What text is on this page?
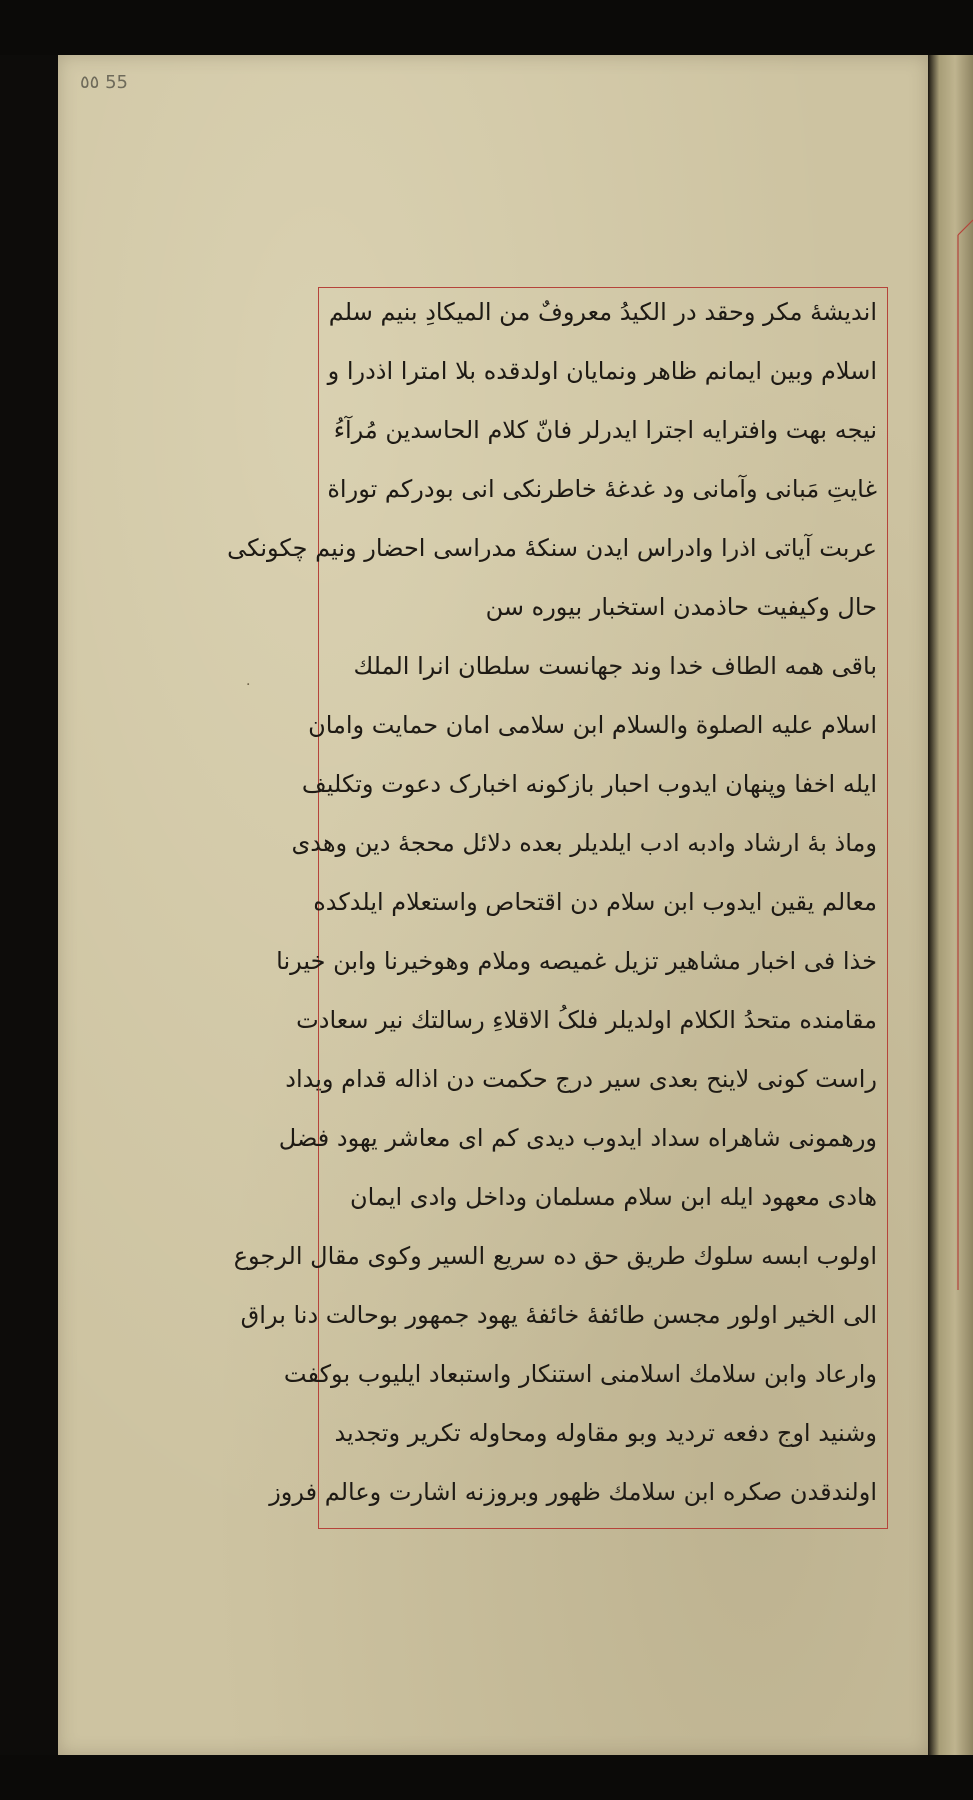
٥٥ 55
·
اندیشهٔ مکر وحقد در الکیدُ معروفٌ من المیکادِ بنیم سلم
اسلام وبین ایمانم ظاهر ونمایان اولدقده بلا امترا اذدرا و
نیجه بهت وافترایه اجترا ایدرلر فانّ کلام الحاسدین مُرآءُ
غایتِ مَبانی وآمانی ود غدغهٔ خاطرنکی انی بودرکم توراة
عربت آیاتی اذرا وادراس ایدن سنکهٔ مدراسی احضار ونیم چکونکی
حال وکیفیت حاذمدن استخبار بیوره سن
باقی همه الطاف خدا وند جهانست سلطان انرا الملك
اسلام علیه الصلوة والسلام ابن سلامی امان حمایت وامان
ایله اخفا وپنهان ایدوب احبار بازکونه اخبارک دعوت وتکلیف
وماذ بهٔ ارشاد وادبه ادب ایلدیلر بعده دلائل محجهٔ دین وهدی
معالم یقین ایدوب ابن سلام دن اقتحاص واستعلام ایلدکده
خذا فی اخبار مشاهیر تزیل غمیصه وملام وهوخیرنا وابن خیرنا
مقامنده متحدُ الکلام اولدیلر فلکُ الاقلاءِ رسالتك نیر سعادت
راست کونی لاینح بعدی سیر درج حکمت دن اذاله قدام ویداد
ورهمونی شاهراه سداد ایدوب دیدی کم ای معاشر یهود فضل
هادی معهود ایله ابن سلام مسلمان وداخل وادی ایمان
اولوب ابسه سلوك طریق حق ده سریع السیر وکوی مقال الرجوع
الی الخیر اولور مجسن طائفهٔ خائفهٔ یهود جمهور بوحالت دنا براق
وارعاد وابن سلامك اسلامنی استنکار واستبعاد ایلیوب بوکفت
وشنید اوج دفعه تردید وبو مقاوله ومحاوله تکریر وتجدید
اولندقدن صکره ابن سلامك ظهور وبروزنه اشارت وعالم فروز
